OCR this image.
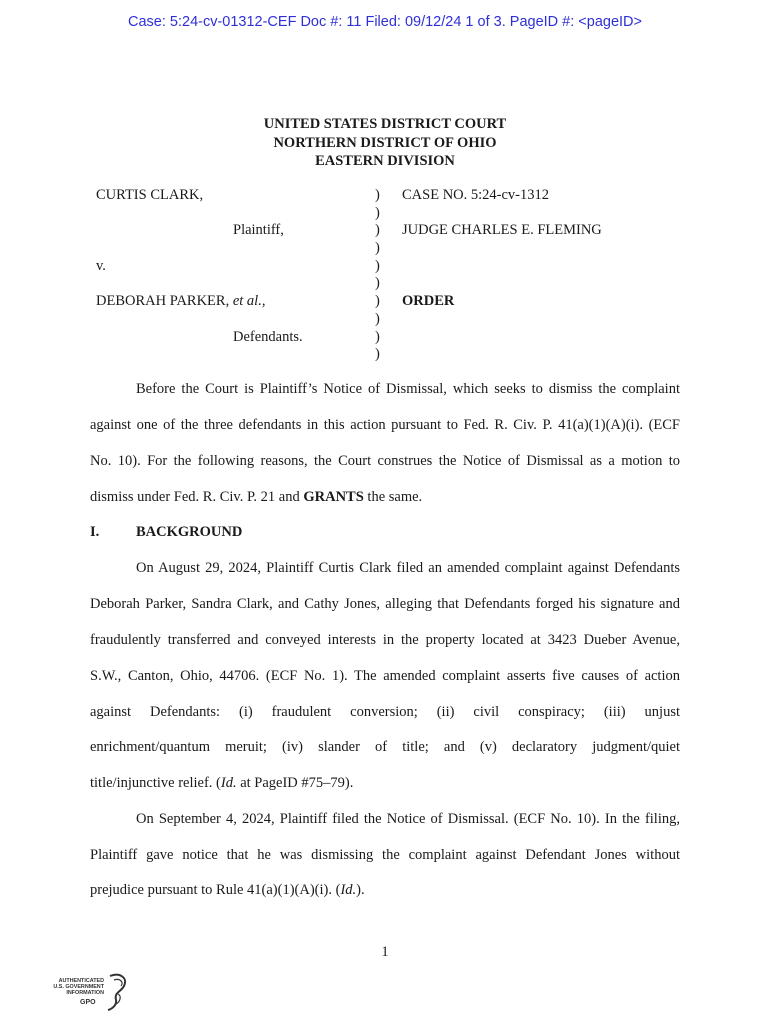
Case: 5:24-cv-01312-CEF Doc #: 11 Filed: 09/12/24 1 of 3. PageID #: <pageID>
UNITED STATES DISTRICT COURT
NORTHERN DISTRICT OF OHIO
EASTERN DIVISION
CURTIS CLARK,
Plaintiff,
v.
DEBORAH PARKER, et al.,
Defendants.
)
)
)
)
)
)
)
)
)
)
CASE NO. 5:24-cv-1312
JUDGE CHARLES E. FLEMING
ORDER
Before the Court is Plaintiff’s Notice of Dismissal, which seeks to dismiss the complaint
against one of the three defendants in this action pursuant to Fed. R. Civ. P. 41(a)(1)(A)(i). (ECF
No. 10). For the following reasons, the Court construes the Notice of Dismissal as a motion to
dismiss under Fed. R. Civ. P. 21 and GRANTS the same.
I.	BACKGROUND
On August 29, 2024, Plaintiff Curtis Clark filed an amended complaint against Defendants
Deborah Parker, Sandra Clark, and Cathy Jones, alleging that Defendants forged his signature and
fraudulently transferred and conveyed interests in the property located at 3423 Dueber Avenue,
S.W., Canton, Ohio, 44706. (ECF No. 1). The amended complaint asserts five causes of action
against Defendants: (i) fraudulent conversion; (ii) civil conspiracy; (iii) unjust
enrichment/quantum meruit; (iv) slander of title; and (v) declaratory judgment/quiet
title/injunctive relief. (Id. at PageID #75–79).
On September 4, 2024, Plaintiff filed the Notice of Dismissal. (ECF No. 10). In the filing,
Plaintiff gave notice that he was dismissing the complaint against Defendant Jones without
prejudice pursuant to Rule 41(a)(1)(A)(i). (Id.).
1
AUTHENTICATED
U.S. GOVERNMENT
INFORMATION
GPO
